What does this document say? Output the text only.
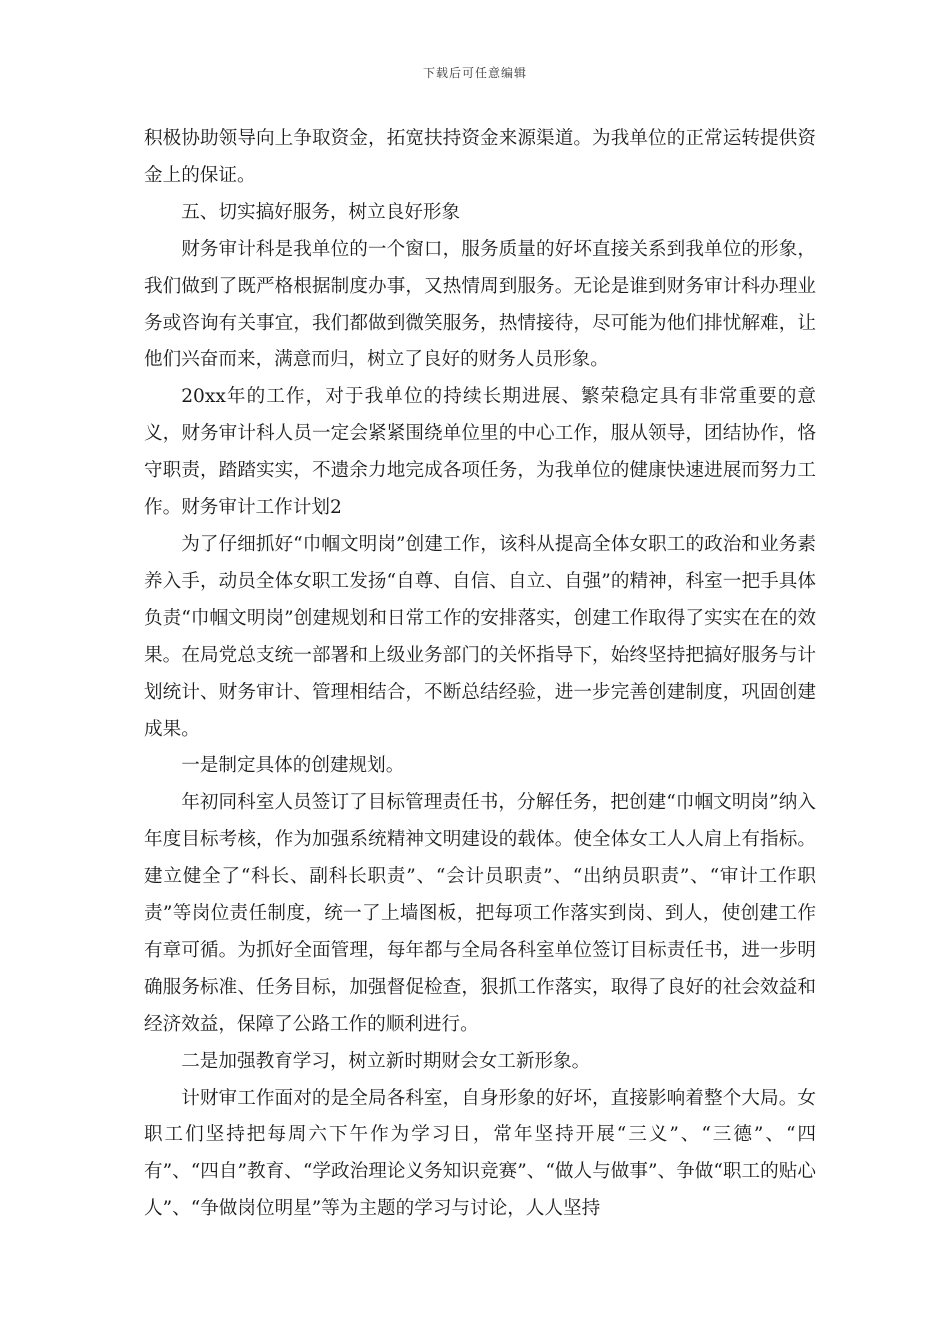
下载后可任意编辑

积极协助领导向上争取资金，拓宽扶持资金来源渠道。为我单位的正常运转提供资金上的保证。

五、切实搞好服务，树立良好形象

财务审计科是我单位的一个窗口，服务质量的好坏直接关系到我单位的形象，我们做到了既严格根据制度办事，又热情周到服务。无论是谁到财务审计科办理业务或咨询有关事宜，我们都做到微笑服务，热情接待，尽可能为他们排忧解难，让他们兴奋而来，满意而归，树立了良好的财务人员形象。

20xx年的工作，对于我单位的持续长期进展、繁荣稳定具有非常重要的意义，财务审计科人员一定会紧紧围绕单位里的中心工作，服从领导，团结协作，恪守职责，踏踏实实，不遗余力地完成各项任务，为我单位的健康快速进展而努力工作。财务审计工作计划2

为了仔细抓好“巾帼文明岗”创建工作，该科从提高全体女职工的政治和业务素养入手，动员全体女职工发扬“自尊、自信、自立、自强”的精神，科室一把手具体负责“巾帼文明岗”创建规划和日常工作的安排落实，创建工作取得了实实在在的效果。在局党总支统一部署和上级业务部门的关怀指导下，始终坚持把搞好服务与计划统计、财务审计、管理相结合，不断总结经验，进一步完善创建制度，巩固创建成果。

一是制定具体的创建规划。

年初同科室人员签订了目标管理责任书，分解任务，把创建“巾帼文明岗”纳入年度目标考核，作为加强系统精神文明建设的载体。使全体女工人人肩上有指标。建立健全了“科长、副科长职责”、“会计员职责”、“出纳员职责”、“审计工作职责”等岗位责任制度，统一了上墙图板，把每项工作落实到岗、到人，使创建工作有章可循。为抓好全面管理，每年都与全局各科室单位签订目标责任书，进一步明确服务标准、任务目标，加强督促检查，狠抓工作落实，取得了良好的社会效益和经济效益，保障了公路工作的顺利进行。

二是加强教育学习，树立新时期财会女工新形象。

计财审工作面对的是全局各科室，自身形象的好坏，直接影响着整个大局。女职工们坚持把每周六下午作为学习日，常年坚持开展“三义”、“三德”、“四有”、“四自”教育、“学政治理论义务知识竞赛”、“做人与做事”、争做“职工的贴心人”、“争做岗位明星”等为主题的学习与讨论，人人坚持
